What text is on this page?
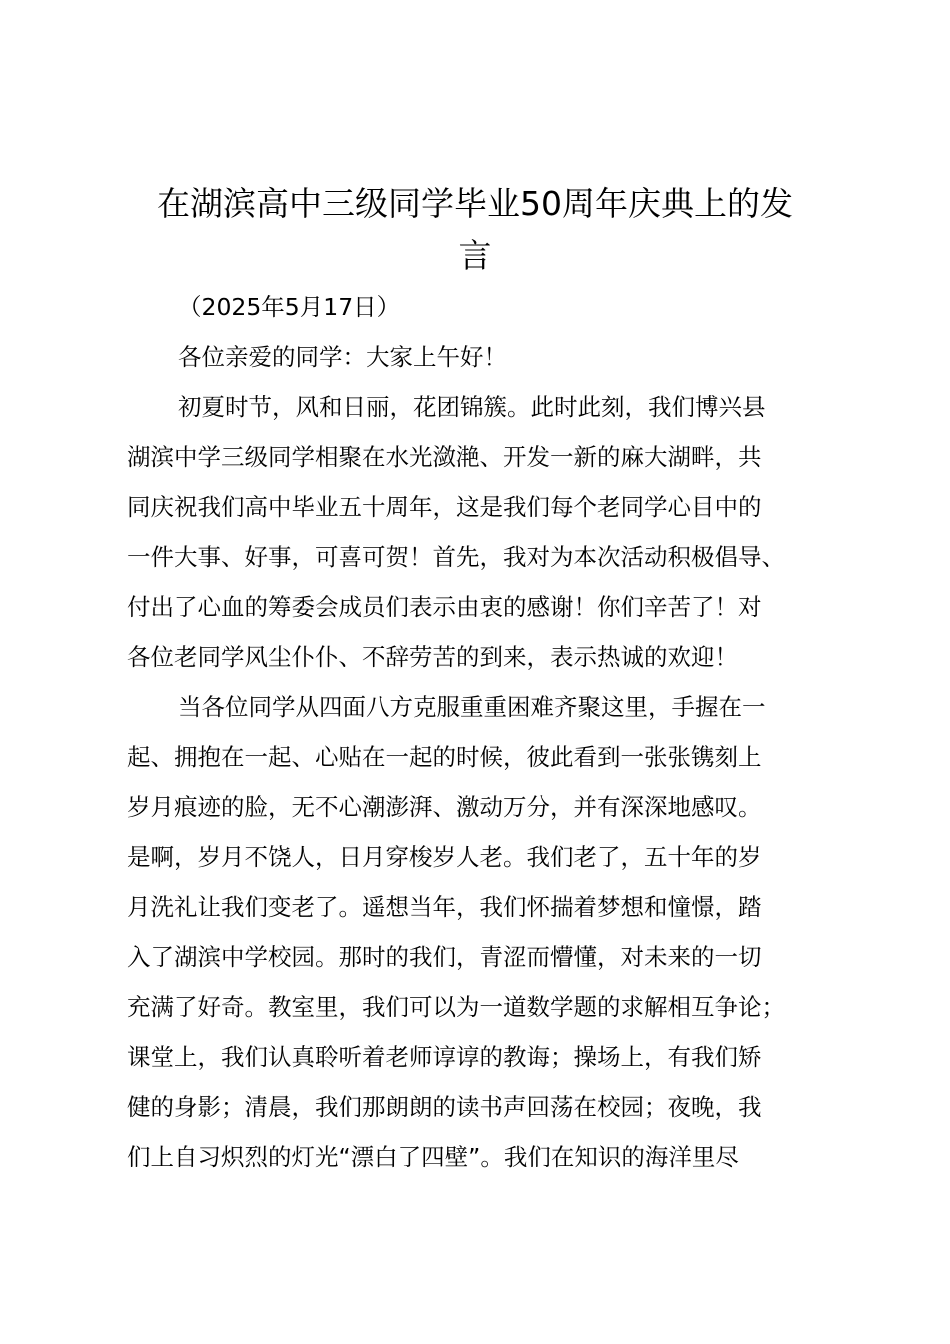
在湖滨高中三级同学毕业50周年庆典上的发
言
（2025年5月17日）
各位亲爱的同学：大家上午好！
初夏时节，风和日丽，花团锦簇。此时此刻，我们博兴县
湖滨中学三级同学相聚在水光潋滟、开发一新的麻大湖畔，共
同庆祝我们高中毕业五十周年，这是我们每个老同学心目中的
一件大事、好事，可喜可贺！首先，我对为本次活动积极倡导、
付出了心血的筹委会成员们表示由衷的感谢！你们辛苦了！对
各位老同学风尘仆仆、不辞劳苦的到来，表示热诚的欢迎！
当各位同学从四面八方克服重重困难齐聚这里，手握在一
起、拥抱在一起、心贴在一起的时候，彼此看到一张张镌刻上
岁月痕迹的脸，无不心潮澎湃、激动万分，并有深深地感叹。
是啊，岁月不饶人，日月穿梭岁人老。我们老了，五十年的岁
月洗礼让我们变老了。遥想当年，我们怀揣着梦想和憧憬，踏
入了湖滨中学校园。那时的我们，青涩而懵懂，对未来的一切
充满了好奇。教室里，我们可以为一道数学题的求解相互争论；
课堂上，我们认真聆听着老师谆谆的教诲；操场上，有我们矫
健的身影；清晨，我们那朗朗的读书声回荡在校园；夜晚，我
们上自习炽烈的灯光“漂白了四壁”。我们在知识的海洋里尽
